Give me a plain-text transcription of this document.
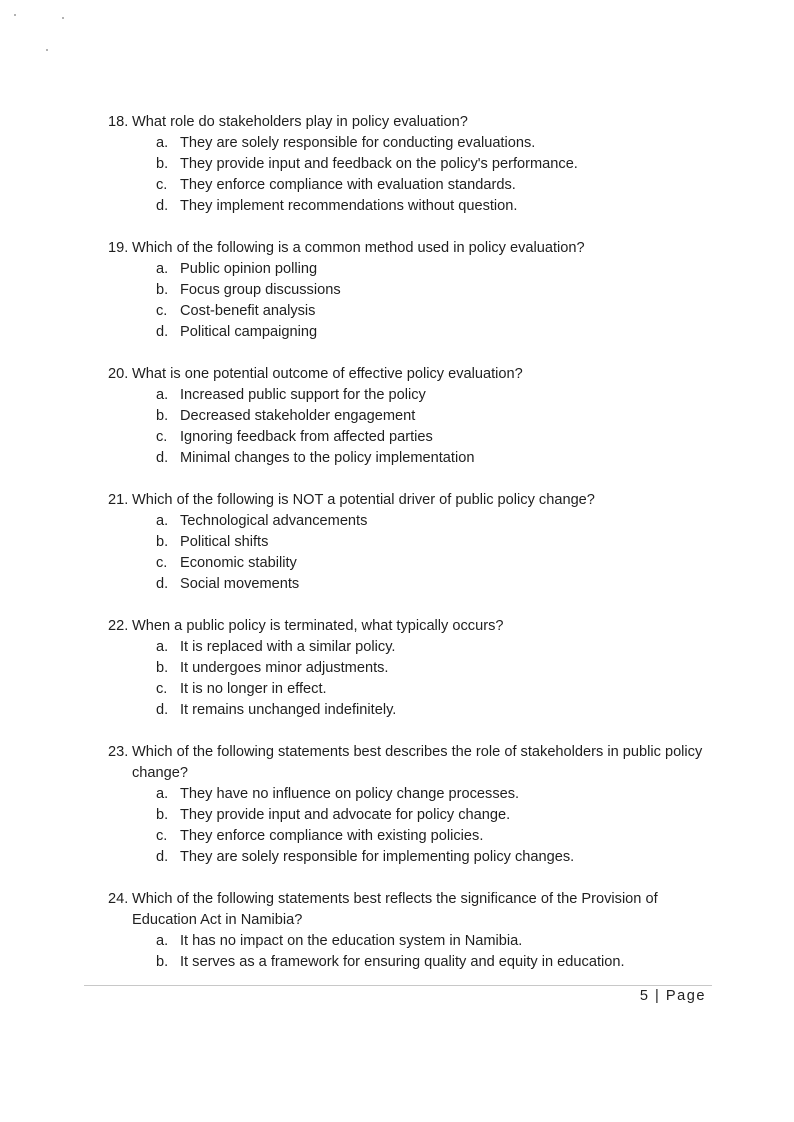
18. What role do stakeholders play in policy evaluation?
a. They are solely responsible for conducting evaluations.
b. They provide input and feedback on the policy's performance.
c. They enforce compliance with evaluation standards.
d. They implement recommendations without question.
19. Which of the following is a common method used in policy evaluation?
a. Public opinion polling
b. Focus group discussions
c. Cost-benefit analysis
d. Political campaigning
20. What is one potential outcome of effective policy evaluation?
a. Increased public support for the policy
b. Decreased stakeholder engagement
c. Ignoring feedback from affected parties
d. Minimal changes to the policy implementation
21. Which of the following is NOT a potential driver of public policy change?
a. Technological advancements
b. Political shifts
c. Economic stability
d. Social movements
22. When a public policy is terminated, what typically occurs?
a. It is replaced with a similar policy.
b. It undergoes minor adjustments.
c. It is no longer in effect.
d. It remains unchanged indefinitely.
23. Which of the following statements best describes the role of stakeholders in public policy change?
a. They have no influence on policy change processes.
b. They provide input and advocate for policy change.
c. They enforce compliance with existing policies.
d. They are solely responsible for implementing policy changes.
24. Which of the following statements best reflects the significance of the Provision of Education Act in Namibia?
a. It has no impact on the education system in Namibia.
b. It serves as a framework for ensuring quality and equity in education.
5 | Page
